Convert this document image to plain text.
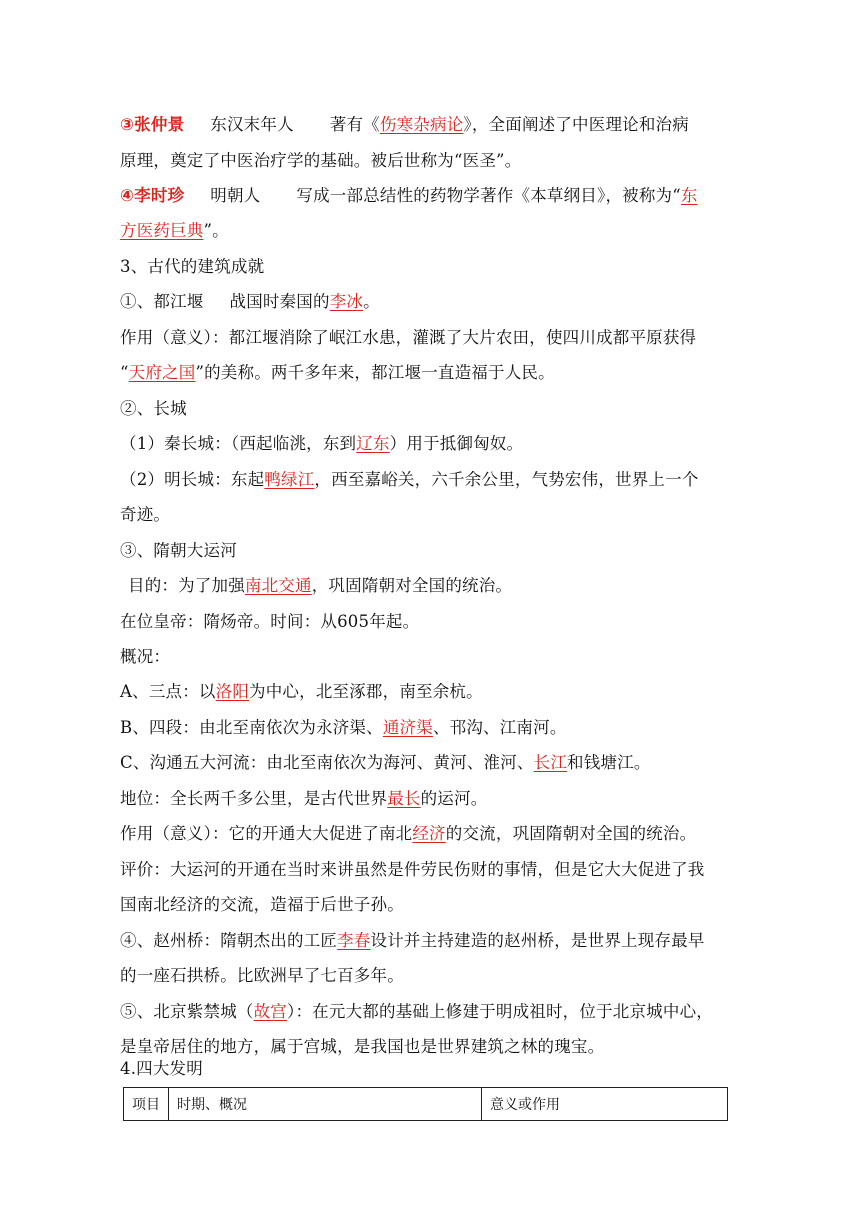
③张仲景 东汉末年人 著有《伤寒杂病论》，全面阐述了中医理论和治病
原理，奠定了中医治疗学的基础。被后世称为“医圣”。
④李时珍 明朝人 写成一部总结性的药物学著作《本草纲目》，被称为“东
方医药巨典”。
3、古代的建筑成就
①、都江堰 战国时秦国的李冰。
作用（意义）：都江堰消除了岷江水患，灌溉了大片农田，使四川成都平原获得
“天府之国”的美称。两千多年来，都江堰一直造福于人民。
②、长城
（1）秦长城：（西起临洮，东到辽东）用于抵御匈奴。
（2）明长城：东起鸭绿江，西至嘉峪关，六千余公里，气势宏伟，世界上一个
奇迹。
③、隋朝大运河
目的：为了加强南北交通，巩固隋朝对全国的统治。
在位皇帝：隋炀帝。时间：从605年起。
概况：
A、三点：以洛阳为中心，北至涿郡，南至余杭。
B、四段：由北至南依次为永济渠、通济渠、邗沟、江南河。
C、沟通五大河流：由北至南依次为海河、黄河、淮河、长江和钱塘江。
地位：全长两千多公里，是古代世界最长的运河。
作用（意义）：它的开通大大促进了南北经济的交流，巩固隋朝对全国的统治。
评价：大运河的开通在当时来讲虽然是件劳民伤财的事情，但是它大大促进了我
国南北经济的交流，造福于后世子孙。
④、赵州桥：隋朝杰出的工匠李春设计并主持建造的赵州桥，是世界上现存最早
的一座石拱桥。比欧洲早了七百多年。
⑤、北京紫禁城（故宫）：在元大都的基础上修建于明成祖时，位于北京城中心，
是皇帝居住的地方，属于宫城，是我国也是世界建筑之林的瑰宝。
4.四大发明
项目	时期、概况	意义或作用
